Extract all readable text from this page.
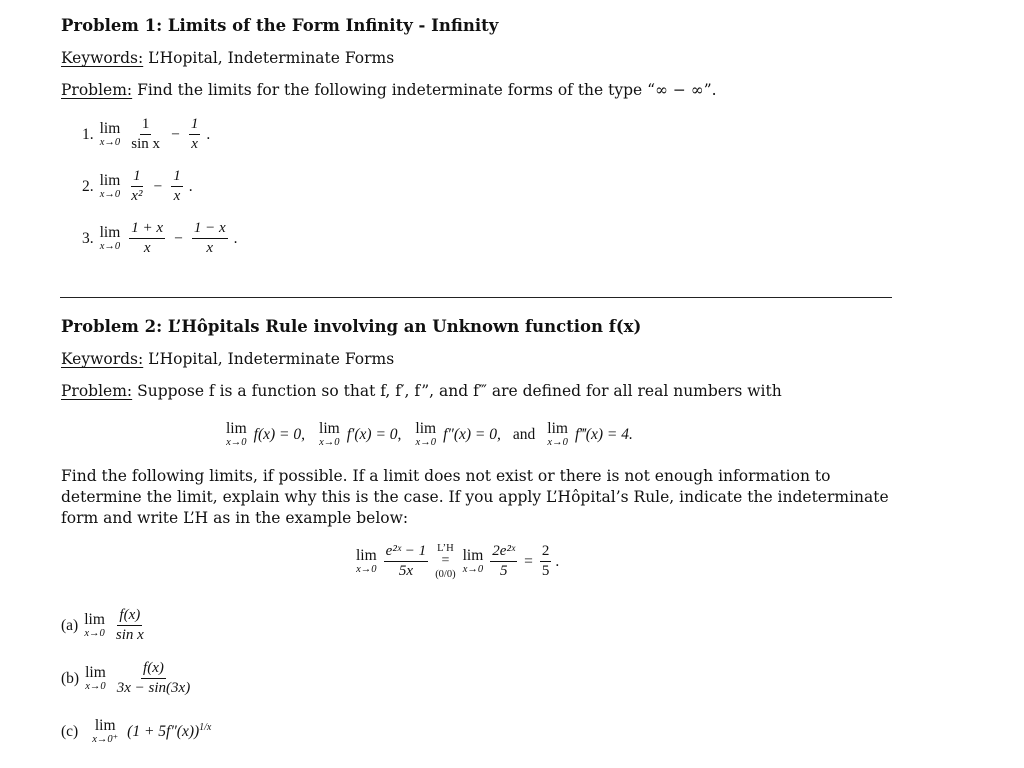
Problem 1: Limits of the Form Infinity - Infinity
Keywords: L’Hopital, Indeterminate Forms
Problem: Find the limits for the following indeterminate forms of the type “∞ − ∞”.
1. lim
$x\to 0 \frac{1}{\text{sin x}} - \frac{1}{x}$ .
2. lim
$x\to 0 \frac{1}{\text{x²}} - \frac{1}{x}$ .
3. lim
$x\to 0 \frac{1 + x}{x} - \frac{1 - x}{x}$ .
Problem 2: L’Hôpitals Rule involving an Unknown function f(x)
Keywords: L’Hopital, Indeterminate Forms
Problem: Suppose f is a function so that f, f′, f”, and f‴ are defined for all real numbers with
lim
x→0
f(x) = 0, lim
x→0
f′(x) = 0, lim
x→0
f″(x) = 0, and lim
x→0
f‴(x) = 4.

Find the following limits, if possible. If a limit does not exist or there is not enough information to determine the limit, explain why this is the case. If you apply L’Hôpital’s Rule, indicate the indeterminate form and write L’H as in the example below:

lim
$x\to 0 \frac{\text{e²ˣ − 1}}{5x}$ L’H
=
(0/0)
lim
$x\to 0 \frac{\text{2e²ˣ}}{5} = \frac{2}{5}$ .
(a) lim
$x\to 0 \frac{f(x)}{\text{sin x}}$
(b) lim
$x\to 0 \frac{f(x)}{3x - \sin(3x)}$
(c) lim
x→0⁺ $(1 + 5f''(x))^{1/x}$
